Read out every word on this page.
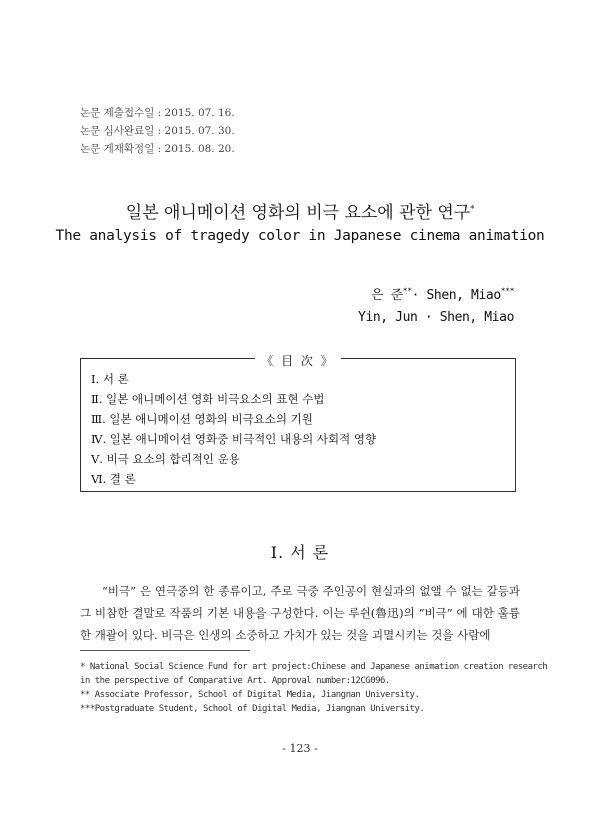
논문 제출접수일 : 2015. 07. 16.
논문 심사완료일 : 2015. 07. 30.
논문 게재확정일 : 2015. 08. 20.
일본 애니메이션 영화의 비극 요소에 관한 연구*
The analysis of tragedy color in Japanese cinema animation
은 준**· Shen, Miao***
Yin, Jun · Shen, Miao
《 目 次 》
Ⅰ. 서 론
Ⅱ. 일본 애니메이션 영화 비극요소의 표현 수법
Ⅲ. 일본 애니메이션 영화의 비극요소의 기원
Ⅳ. 일본 애니메이션 영화중 비극적인 내용의 사회적 영향
Ⅴ. 비극 요소의 합리적인 운용
Ⅵ. 결 론
Ⅰ. 서 론

“비극” 은 연극중의 한 종류이고, 주로 극중 주인공이 현실과의 없앨 수 없는 갈등과 그 비참한 결말로 작품의 기본 내용을 구성한다. 이는 루쉰(魯迅)의 “비극” 에 대한 훌륭한 개괄이 있다. 비극은 인생의 소중하고 가치가 있는 것을 괴멸시키는 것을 사람에

* National Social Science Fund for art project:Chinese and Japanese animation creation research
in the perspective of Comparative Art. Approval number:12CG096.
** Associate Professor, School of Digital Media, Jiangnan University.
***Postgraduate Student, School of Digital Media, Jiangnan University.
- 123 -
